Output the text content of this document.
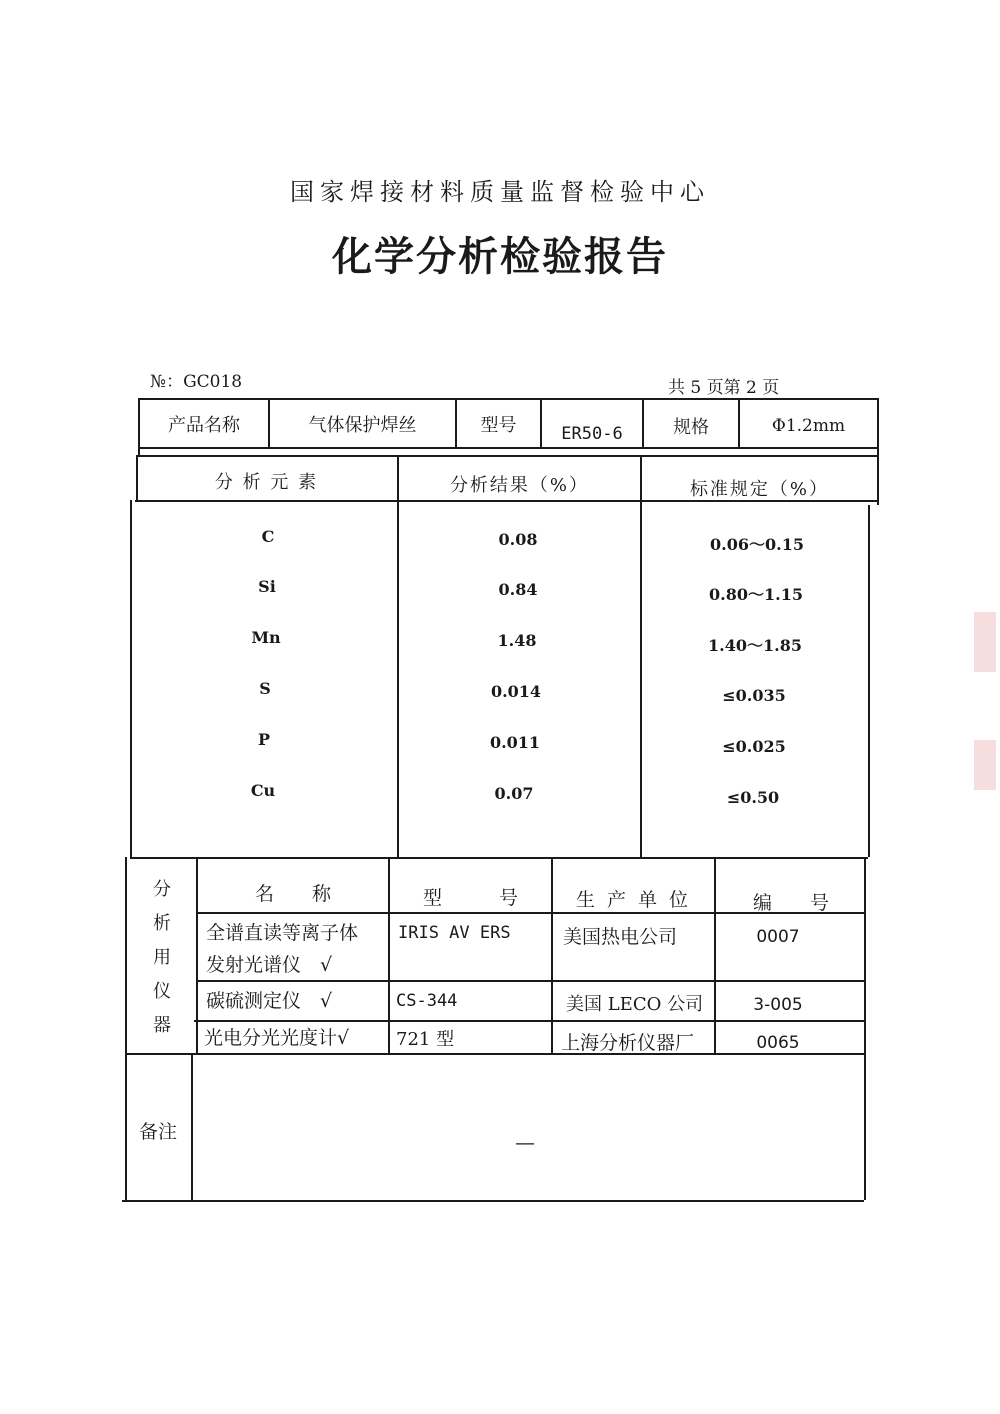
国家焊接材料质量监督检验中心
化学分析检验报告
№：GC018	共 5 页第 2 页
产品名称	气体保护焊丝	型号	ER50-6	规格	Φ1.2mm
分 析 元 素	分析结果（%）	标准规定（%）
C	0.08	0.06～0.15
Si	0.84	0.80～1.15
Mn	1.48	1.40～1.85
S	0.014	≤0.035
P	0.011	≤0.025
Cu	0.07	≤0.50
分
析
用
仪
器
名　　称	型　　　号	生 产 单 位	编　　号
全谱直读等离子体
发射光谱仪　√
IRIS AV ERS	美国热电公司	0007
碳硫测定仪　√	CS-344	美国 LECO 公司	3-005
光电分光光度计√	721 型	上海分析仪器厂	0065
备注	—
